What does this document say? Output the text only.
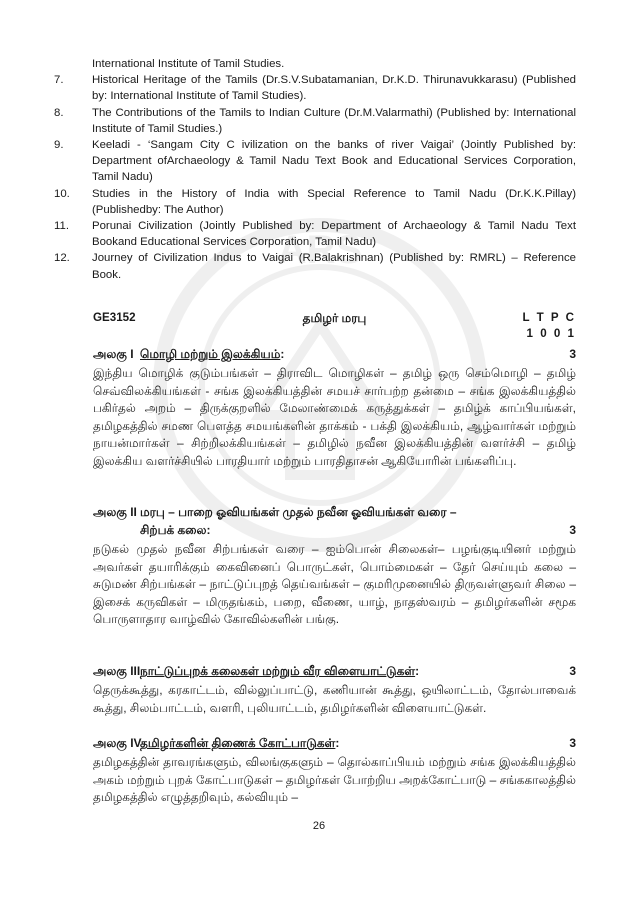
ARS
International Institute of Tamil Studies.
7.	Historical Heritage of the Tamils (Dr.S.V.Subatamanian, Dr.K.D. Thirunavukkarasu) (Published by: International Institute of Tamil Studies).
8.	The Contributions of the Tamils to Indian Culture (Dr.M.Valarmathi) (Published by: International Institute of Tamil Studies.)
9.	Keeladi - ‘Sangam City C ivilization on the banks of river Vaigai’ (Jointly Published by: Department ofArchaeology & Tamil Nadu Text Book and Educational Services Corporation, Tamil Nadu)
10.	Studies in the History of India with Special Reference to Tamil Nadu (Dr.K.K.Pillay) (Publishedby: The Author)
11.	Porunai Civilization (Jointly Published by: Department of Archaeology & Tamil Nadu Text Bookand Educational Services Corporation, Tamil Nadu)
12.	Journey of Civilization Indus to Vaigai (R.Balakrishnan) (Published by: RMRL) – Reference Book.
GE3152	தமிழர் மரபு	L T P C
1 0 0 1
அலகு I மொழி மற்றும் இலக்கியம்:	3
இந்திய மொழிக் குடும்பங்கள் – திராவிட மொழிகள் – தமிழ் ஒரு செம்மொழி – தமிழ் செவ்விலக்கியங்கள் - சங்க இலக்கியத்தின் சமயச் சார்பற்ற தன்மை – சங்க இலக்கியத்தில் பகிர்தல் அறம் – திருக்குறளில் மேலாண்மைக் கருத்துக்கள் – தமிழ்க் காப்பியங்கள், தமிழகத்தில் சமண பௌத்த சமயங்களின் தாக்கம் - பக்தி இலக்கியம், ஆழ்வார்கள் மற்றும் நாயன்மார்கள் – சிற்றிலக்கியங்கள் – தமிழில் நவீன இலக்கியத்தின் வளர்ச்சி – தமிழ் இலக்கிய வளர்ச்சியில் பாரதியார் மற்றும் பாரதிதாசன் ஆகியோரின் பங்களிப்பு.
அலகு II மரபு – பாறை ஓவியங்கள் முதல் நவீன ஓவியங்கள் வரை –
சிற்பக் கலை:	3
நடுகல் முதல் நவீன சிற்பங்கள் வரை – ஐம்பொன் சிலைகள்– பழங்குடியினர் மற்றும் அவர்கள் தயாரிக்கும் கைவினைப் பொருட்கள், பொம்மைகள் – தேர் செய்யும் கலை – சுடுமண் சிற்பங்கள் – நாட்டுப்புறத் தெய்வங்கள் – குமரிமுனையில் திருவள்ளுவர் சிலை – இசைக் கருவிகள் – மிருதங்கம், பறை, வீணை, யாழ், நாதஸ்வரம் – தமிழர்களின் சமூக பொருளாதார வாழ்வில் கோவில்களின் பங்கு.
அலகு III நாட்டுப்புறக் கலைகள் மற்றும் வீர விளையாட்டுகள்:	3
தெருக்கூத்து, கரகாட்டம், வில்லுப்பாட்டு, கணியான் கூத்து, ஒயிலாட்டம், தோல்பாவைக் கூத்து, சிலம்பாட்டம், வளரி, புலியாட்டம், தமிழர்களின் விளையாட்டுகள்.
அலகு IV
தமிழர்களின் திணைக் கோட்பாடுகள்:	3
தமிழகத்தின் தாவரங்களும், விலங்குகளும் – தொல்காப்பியம் மற்றும் சங்க இலக்கியத்தில் அகம் மற்றும் புறக் கோட்பாடுகள் – தமிழர்கள் போற்றிய அறக்கோட்பாடு – சங்ககாலத்தில் தமிழகத்தில் எழுத்தறிவும், கல்வியும் –
26
